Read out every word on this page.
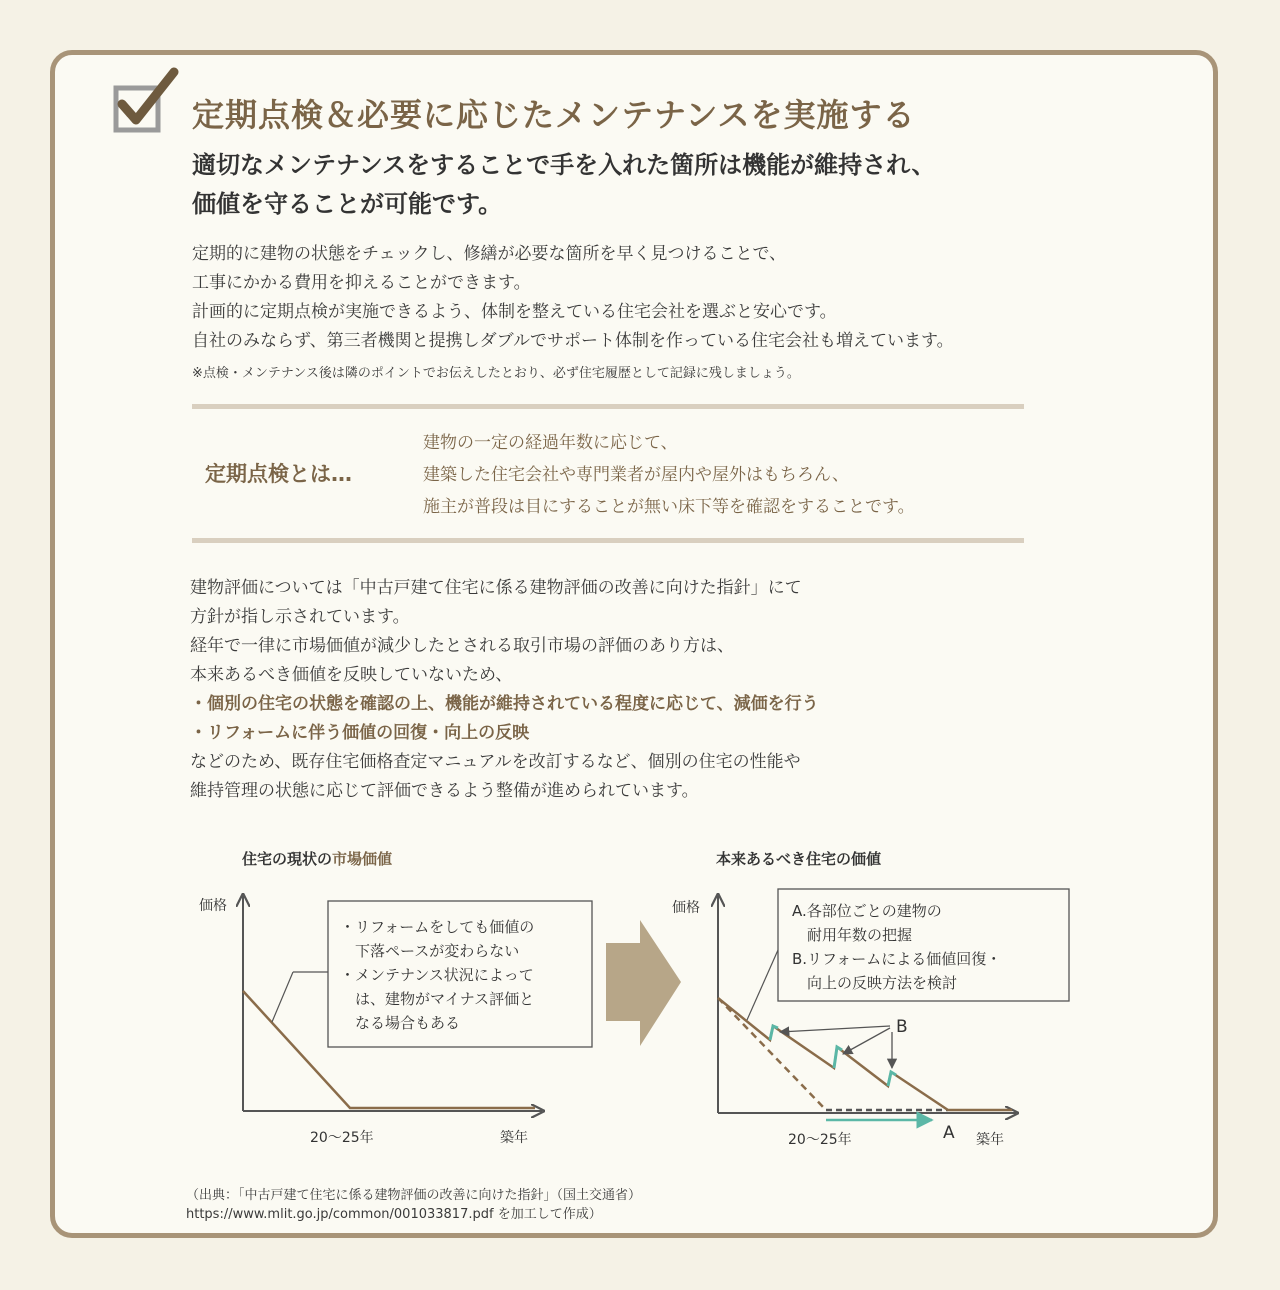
定期点検＆必要に応じたメンテナンスを実施する
適切なメンテナンスをすることで手を入れた箇所は機能が維持され、
価値を守ることが可能です。
定期的に建物の状態をチェックし、修繕が必要な箇所を早く見つけることで、
工事にかかる費用を抑えることができます。
計画的に定期点検が実施できるよう、体制を整えている住宅会社を選ぶと安心です。
自社のみならず、第三者機関と提携しダブルでサポート体制を作っている住宅会社も増えています。
※点検・メンテナンス後は隣のポイントでお伝えしたとおり、必ず住宅履歴として記録に残しましょう。
定期点検とは…
建物の一定の経過年数に応じて、
建築した住宅会社や専門業者が屋内や屋外はもちろん、
施主が普段は目にすることが無い床下等を確認をすることです。
建物評価については「中古戸建て住宅に係る建物評価の改善に向けた指針」にて
方針が指し示されています。
経年で一律に市場価値が減少したとされる取引市場の評価のあり方は、
本来あるべき価値を反映していないため、
・個別の住宅の状態を確認の上、機能が維持されている程度に応じて、減価を行う
・リフォームに伴う価値の回復・向上の反映
などのため、既存住宅価格査定マニュアルを改訂するなど、個別の住宅の性能や
維持管理の状態に応じて評価できるよう整備が進められています。
住宅の現状の市場価値	本来あるべき住宅の価値
価格
築年
20～25年
・リフォームをしても価値の
　下落ペースが変わらない
・メンテナンス状況によって
　は、建物がマイナス評価と
　なる場合もある
価格
築年
20～25年	A
B
A.各部位ごとの建物の
　耐用年数の把握
B.リフォームによる価値回復・
　向上の反映方法を検討
（出典：「中古戸建て住宅に係る建物評価の改善に向けた指針」（国土交通省）
https://www.mlit.go.jp/common/001033817.pdf を加工して作成）
